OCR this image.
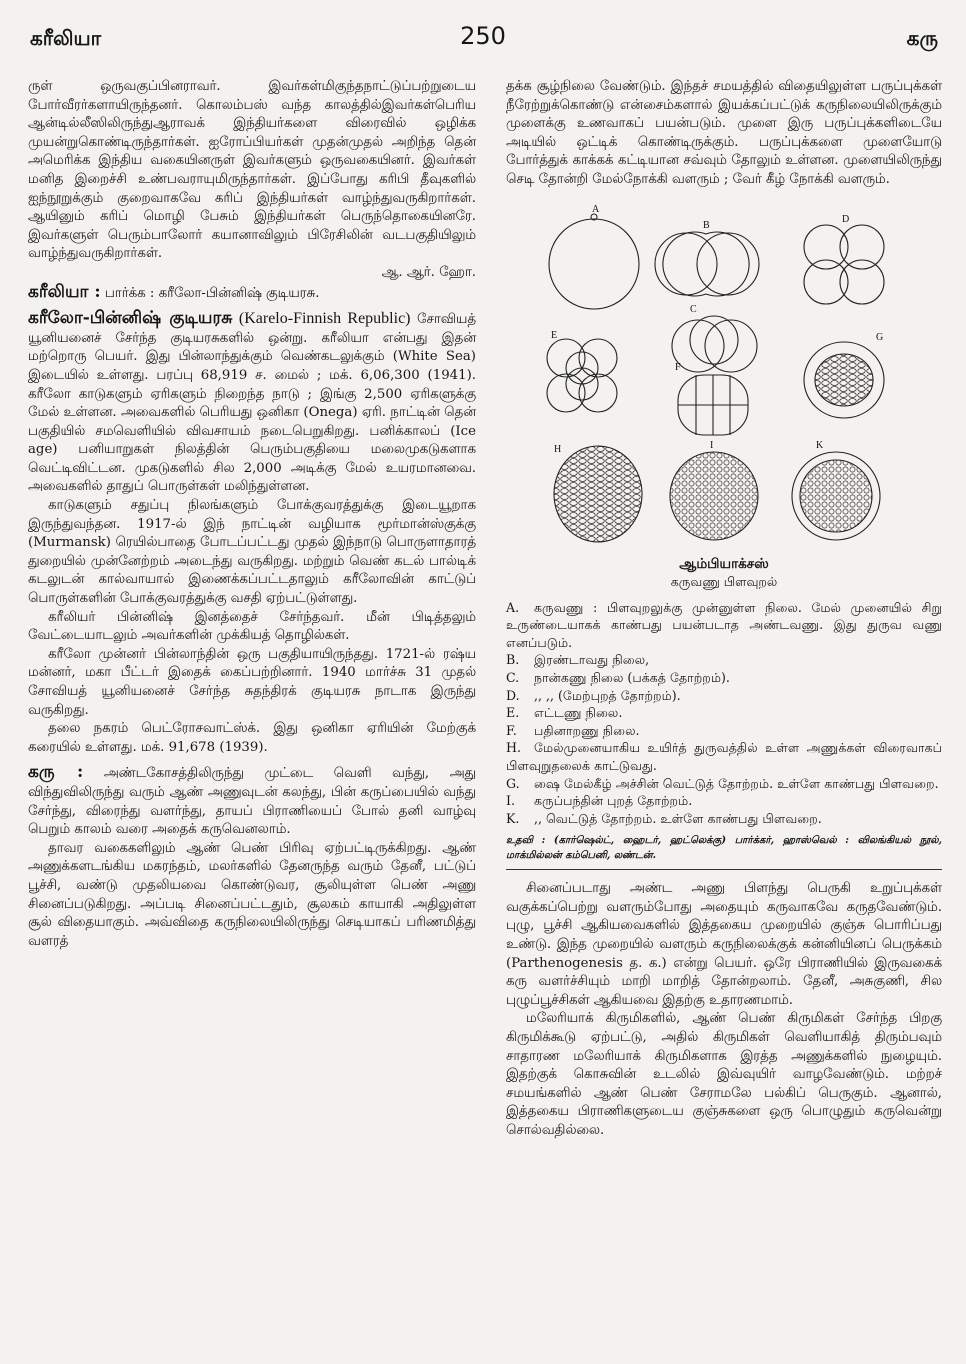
கரீலியா	250	கரு

ருள் ஒருவகுப்பினராவர். இவர்கள்மிகுந்தநாட்டுப்பற்றுடைய போர்வீரர்களாயிருந்தனர். கொலம்பஸ் வந்த காலத்தில்இவர்கள்பெரிய ஆன்டில்லீஸிலிருந்துஆராவக் இந்தியர்களை விரைவில் ஒழிக்க முயன்றுகொண்டிருந்தார்கள். ஐரோப்பியர்கள் முதன்முதல் அறிந்த தென் அமெரிக்க இந்திய வகையினருள் இவர்களும் ஒருவகையினர். இவர்கள் மனித இறைச்சி உண்பவராயுமிருந்தார்கள். இப்போது கரிபி தீவுகளில் ஐந்நூறுக்கும் குறைவாகவே கரிப் இந்தியர்கள் வாழ்ந்துவருகிறார்கள். ஆயினும் கரிப் மொழி பேசும் இந்தியர்கள் பெருந்தொகையினரே. இவர்களுள் பெரும்பாலோர் கயானாவிலும் பிரேசிலின் வடபகுதியிலும் வாழ்ந்துவருகிறார்கள்.

ஆ. ஆர். ஹோ.

கரீலியா : பார்க்க : கரீலோ-பின்னிஷ் குடியரசு.

கரீலோ-பின்னிஷ் குடியரசு (Karelo-Finnish Republic) சோவியத் யூனியனைச் சேர்ந்த குடியரசுகளில் ஒன்று. கரீலியா என்பது இதன் மற்றொரு பெயர். இது பின்லாந்துக்கும் வெண்கடலுக்கும் (White Sea) இடையில் உள்ளது. பரப்பு 68,919 ச. மைல் ; மக். 6,06,300 (1941). கரீலோ காடுகளும் ஏரிகளும் நிறைந்த நாடு ; இங்கு 2,500 ஏரிகளுக்கு மேல் உள்ளன. அவைகளில் பெரியது ஒனிகா (Onega) ஏரி. நாட்டின் தென் பகுதியில் சமவெளியில் விவசாயம் நடைபெறுகிறது. பனிக்காலப் (Ice age) பனியாறுகள் நிலத்தின் பெரும்பகுதியை மலைமுகடுகளாக வெட்டிவிட்டன. முகடுகளில் சில 2,000 அடிக்கு மேல் உயரமானவை. அவைகளில் தாதுப் பொருள்கள் மலிந்துள்ளன.

காடுகளும் சதுப்பு நிலங்களும் போக்குவரத்துக்கு இடையூறாக இருந்துவந்தன. 1917-ல் இந் நாட்டின் வழியாக மூர்மான்ஸ்குக்கு (Murmansk) ரெயில்பாதை போடப்பட்டது முதல் இந்நாடு பொருளாதாரத் துறையில் முன்னேற்றம் அடைந்து வருகிறது. மற்றும் வெண் கடல் பால்டிக் கடலுடன் கால்வாயால் இணைக்கப்பட்டதாலும் கரீலோவின் காட்டுப் பொருள்களின் போக்குவரத்துக்கு வசதி ஏற்பட்டுள்ளது.

கரீலியர் பின்னிஷ் இனத்தைச் சேர்ந்தவர். மீன் பிடித்தலும் வேட்டையாடலும் அவர்களின் முக்கியத் தொழில்கள்.

கரீலோ முன்னர் பின்லாந்தின் ஒரு பகுதியாயிருந்தது. 1721-ல் ரஷ்ய மன்னர், மகா பீட்டர் இதைக் கைப்பற்றினார். 1940 மார்ச்சு 31 முதல் சோவியத் யூனியனைச் சேர்ந்த சுதந்திரக் குடியரசு நாடாக இருந்து வருகிறது.

தலை நகரம் பெட்ரோசவாட்ஸ்க். இது ஒனிகா ஏரியின் மேற்குக் கரையில் உள்ளது. மக். 91,678 (1939).

கரு : அண்டகோசத்திலிருந்து முட்டை வெளி வந்து, அது விந்துவிலிருந்து வரும் ஆண் அணுவுடன் கலந்து, பின் கருப்பையில் வந்து சேர்ந்து, விரைந்து வளர்ந்து, தாயப் பிராணியைப் போல் தனி வாழ்வு பெறும் காலம் வரை அதைக் கருவெனலாம்.

தாவர வகைகளிலும் ஆண் பெண் பிரிவு ஏற்பட்டிருக்கிறது. ஆண் அணுக்களடங்கிய மகரந்தம், மலர்களில் தேனருந்த வரும் தேனீ, பட்டுப் பூச்சி, வண்டு முதலியவை கொண்டுவர, சூலியுள்ள பெண் அணு சினைப்படுகிறது. அப்படி சினைப்பட்டதும், சூலகம் காயாகி அதிலுள்ள சூல் விதையாகும். அவ்விதை கருநிலையிலிருந்து செடியாகப் பரிணமித்து வளரத்

தக்க சூழ்நிலை வேண்டும். இந்தச் சமயத்தில் விதையிலுள்ள பருப்புக்கள் நீரேற்றுக்கொண்டு என்சைம்களால் இயக்கப்பட்டுக் கருநிலையிலிருக்கும் முளைக்கு உணவாகப் பயன்படும். முளை இரு பருப்புக்களிடையே அடியில் ஒட்டிக் கொண்டிருக்கும். பருப்புக்களை முளையோடு போர்த்துக் காக்கக் கட்டியான சவ்வும் தோலும் உள்ளன. முளையிலிருந்து செடி தோன்றி மேல்நோக்கி வளரும் ; வேர் கீழ் நோக்கி வளரும்.

A
B
C
D
E
F
G
H	I	K
ஆம்பியாக்சஸ்
கருவணு பிளவுறல்

A. கருவணு : பிளவுறலுக்கு முன்னுள்ள நிலை. மேல் முனையில் சிறு உருண்டையாகக் காண்பது பயன்படாத அண்டவணு. இது துருவ வணு எனப்படும்.

B. இரண்டாவது நிலை,

C. நான்கணு நிலை (பக்கத் தோற்றம்).

D. ,, ,, (மேற்புறத் தோற்றம்).

E. எட்டணு நிலை.

F. பதினாறணு நிலை.

H. மேல்முனையாகிய உயிர்த் துருவத்தில் உள்ள அணுக்கள் விரைவாகப் பிளவுறுதலைக் காட்டுவது.

G. ஷை மேல்கீழ் அச்சின் வெட்டுத் தோற்றம். உள்ளே காண்பது பிளவறை.

I. கருப்பந்தின் புறத் தோற்றம்.

K. ,, வெட்டுத் தோற்றம். உள்ளே காண்பது பிளவறை.

உதவி : (கார்ஷெல்ட், ஹைடர், ஹட்லெக்கு) பார்க்கர், ஹாஸ்வெல் : விலங்கியல் நூல், மாக்மில்லன் கம்பெனி, லண்டன்.

சினைப்படாது அண்ட அணு பிளந்து பெருகி உறுப்புக்கள் வகுக்கப்பெற்று வளரும்போது அதையும் கருவாகவே கருதவேண்டும். புழு, பூச்சி ஆகியவைகளில் இத்தகைய முறையில் குஞ்சு பொரிப்பது உண்டு. இந்த முறையில் வளரும் கருநிலைக்குக் கன்னியினப் பெருக்கம் (Parthenogenesis த. க.) என்று பெயர். ஒரே பிராணியில் இருவகைக் கரு வளர்ச்சியும் மாறி மாறித் தோன்றலாம். தேனீ, அசுகுணி, சில புழுப்பூச்சிகள் ஆகியவை இதற்கு உதாரணமாம்.

மலேரியாக் கிருமிகளில், ஆண் பெண் கிருமிகள் சேர்ந்த பிறகு கிருமிக்கூடு ஏற்பட்டு, அதில் கிருமிகள் வெளியாகித் திரும்பவும் சாதாரண மலேரியாக் கிருமிகளாக இரத்த அணுக்களில் நுழையும். இதற்குக் கொசுவின் உடலில் இவ்வுயிர் வாழவேண்டும். மற்றச் சமயங்களில் ஆண் பெண் சேராமலே பல்கிப் பெருகும். ஆனால், இத்தகைய பிராணிகளுடைய குஞ்சுகளை ஒரு பொழுதும் கருவென்று சொல்வதில்லை.
